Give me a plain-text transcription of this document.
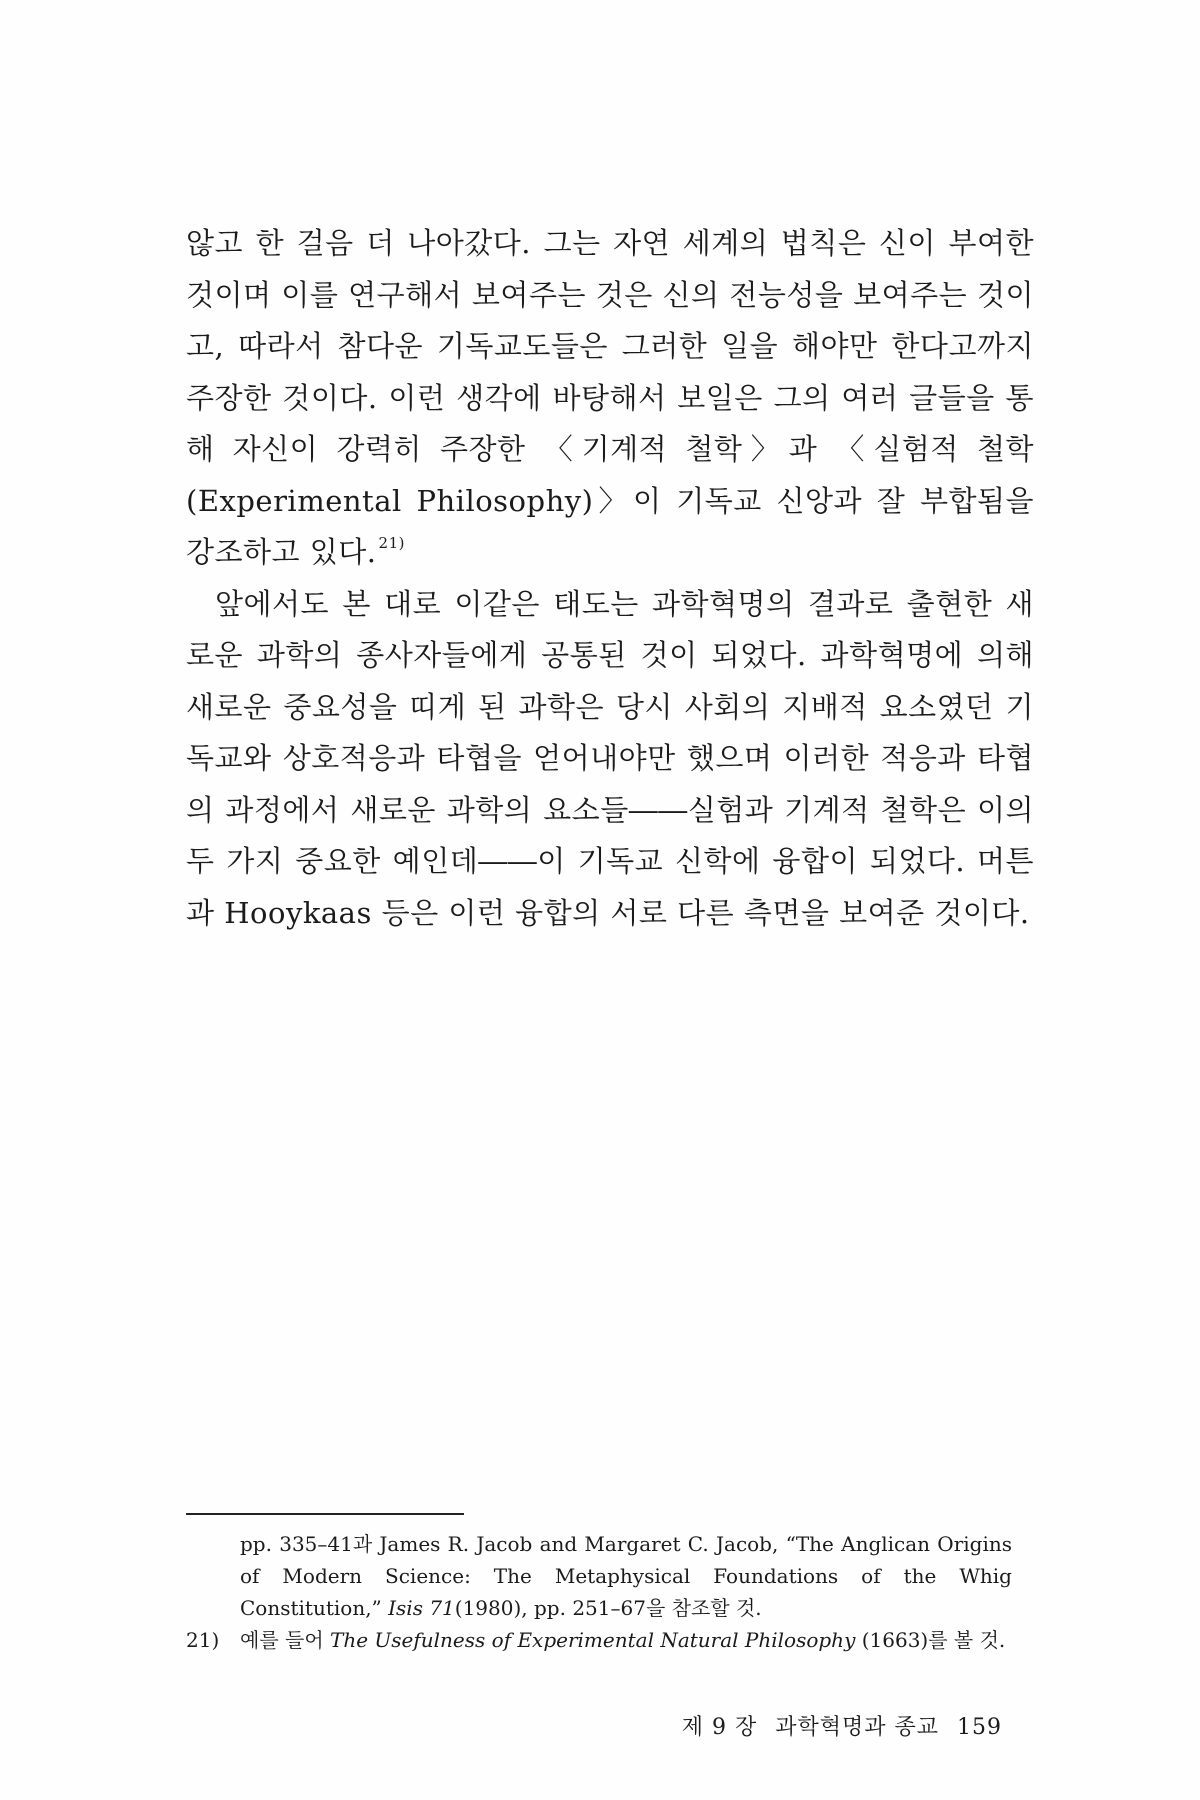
않고 한 걸음 더 나아갔다. 그는 자연 세계의 법칙은 신이 부여한 것이며 이를 연구해서 보여주는 것은 신의 전능성을 보여주는 것이고, 따라서 참다운 기독교도들은 그러한 일을 해야만 한다고까지 주장한 것이다. 이런 생각에 바탕해서 보일은 그의 여러 글들을 통해 자신이 강력히 주장한 〈기계적 철학〉과 〈실험적 철학(Experimental Philosophy)〉이 기독교 신앙과 잘 부합됨을 강조하고 있다. $^{21)}$

앞에서도 본 대로 이같은 태도는 과학혁명의 결과로 출현한 새로운 과학의 종사자들에게 공통된 것이 되었다. 과학혁명에 의해 새로운 중요성을 띠게 된 과학은 당시 사회의 지배적 요소였던 기독교와 상호적응과 타협을 얻어내야만 했으며 이러한 적응과 타협의 과정에서 새로운 과학의 요소들――실험과 기계적 철학은 이의 두 가지 중요한 예인데――이 기독교 신학에 융합이 되었다. 머튼과 Hooykaas 등은 이런 융합의 서로 다른 측면을 보여준 것이다.

pp. 335–41과 James R. Jacob and Margaret C. Jacob, “The Anglican Origins of Modern Science: The Metaphysical Foundations of the Whig Constitution,” Isis 71(1980), pp. 251–67을 참조할 것.
21)	예를 들어 The Usefulness of Experimental Natural Philosophy (1663)를 볼 것.
제 9 장 과학혁명과 종교 159
